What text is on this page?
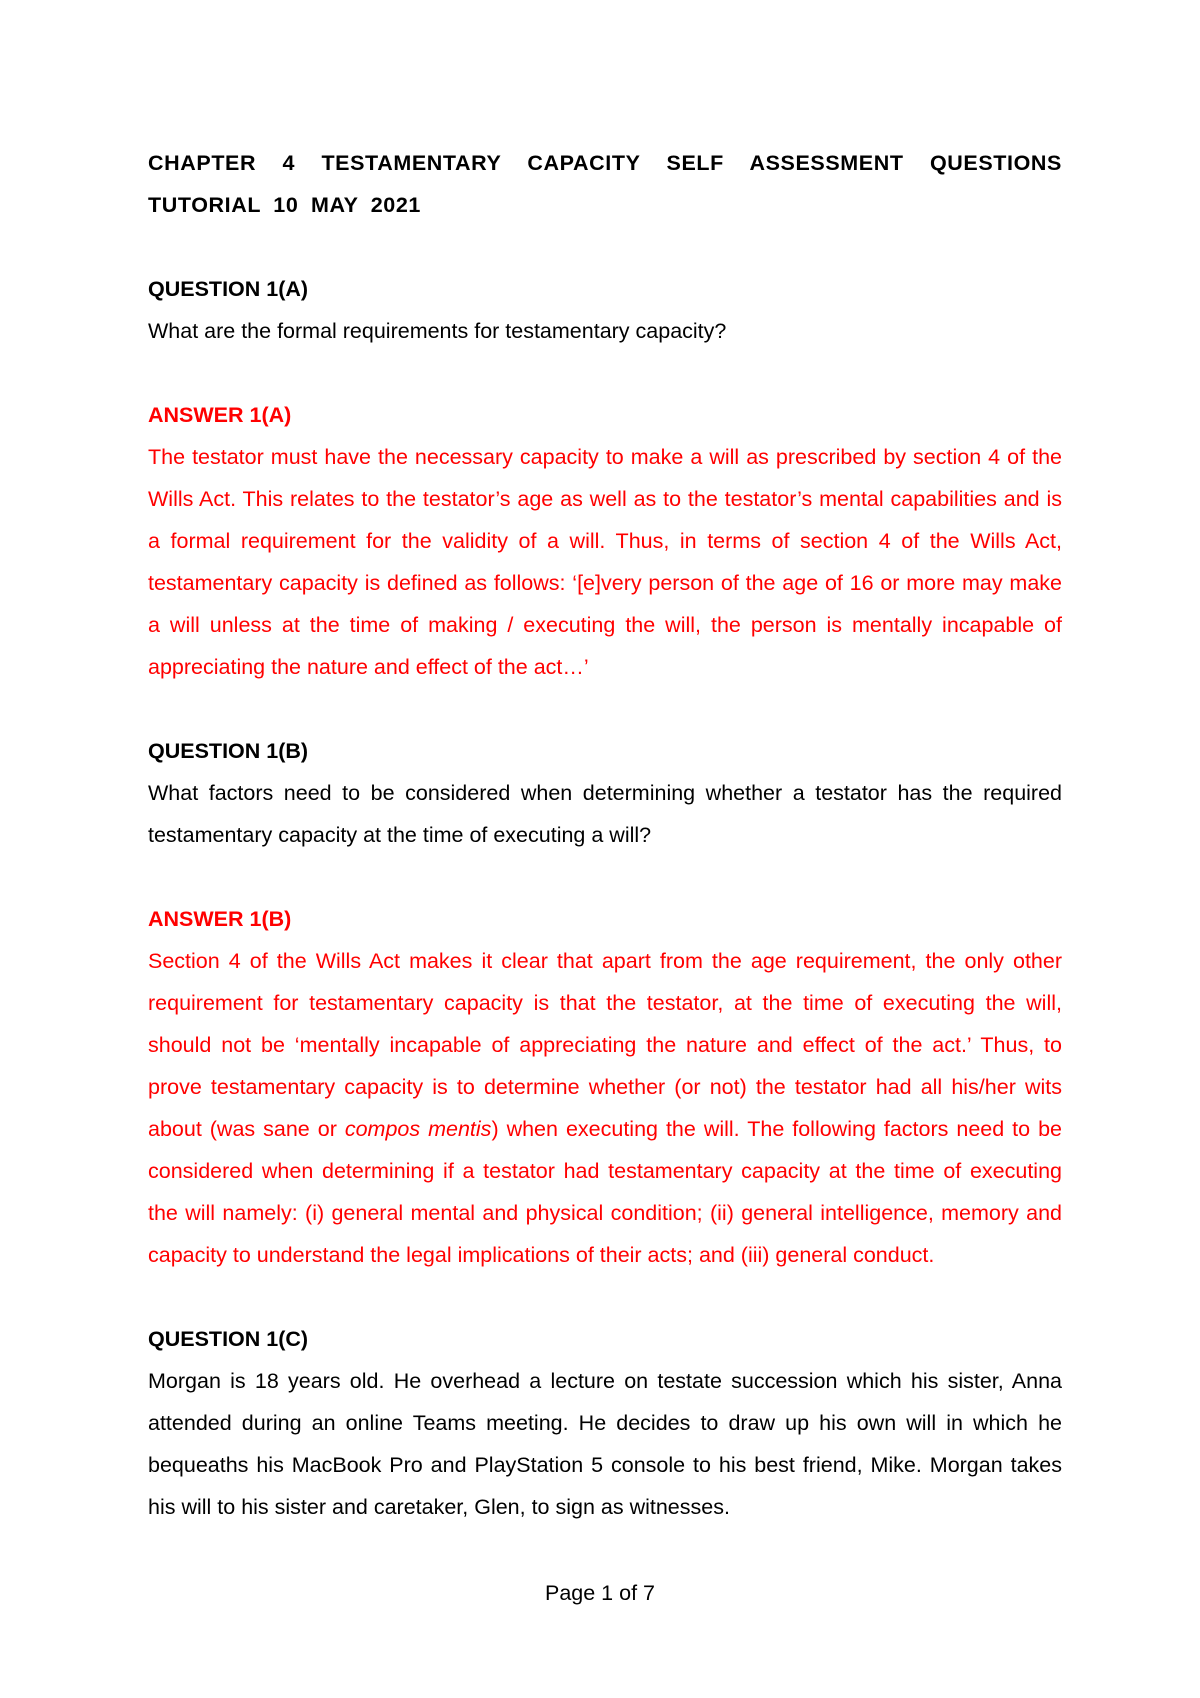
CHAPTER 4 TESTAMENTARY CAPACITY SELF ASSESSMENT QUESTIONS
TUTORIAL 10 MAY 2021
QUESTION 1(A)
What are the formal requirements for testamentary capacity?
ANSWER 1(A)
The testator must have the necessary capacity to make a will as prescribed by section 4 of the Wills Act. This relates to the testator’s age as well as to the testator’s mental capabilities and is a formal requirement for the validity of a will. Thus, in terms of section 4 of the Wills Act, testamentary capacity is defined as follows: ‘[e]very person of the age of 16 or more may make a will unless at the time of making / executing the will, the person is mentally incapable of appreciating the nature and effect of the act…’
QUESTION 1(B)
What factors need to be considered when determining whether a testator has the required testamentary capacity at the time of executing a will?
ANSWER 1(B)
Section 4 of the Wills Act makes it clear that apart from the age requirement, the only other requirement for testamentary capacity is that the testator, at the time of executing the will, should not be ‘mentally incapable of appreciating the nature and effect of the act.’ Thus, to prove testamentary capacity is to determine whether (or not) the testator had all his/her wits about (was sane or compos mentis) when executing the will. The following factors need to be considered when determining if a testator had testamentary capacity at the time of executing the will namely: (i) general mental and physical condition; (ii) general intelligence, memory and capacity to understand the legal implications of their acts; and (iii) general conduct.
QUESTION 1(C)
Morgan is 18 years old. He overhead a lecture on testate succession which his sister, Anna attended during an online Teams meeting. He decides to draw up his own will in which he bequeaths his MacBook Pro and PlayStation 5 console to his best friend, Mike. Morgan takes his will to his sister and caretaker, Glen, to sign as witnesses.
Page 1 of 7
